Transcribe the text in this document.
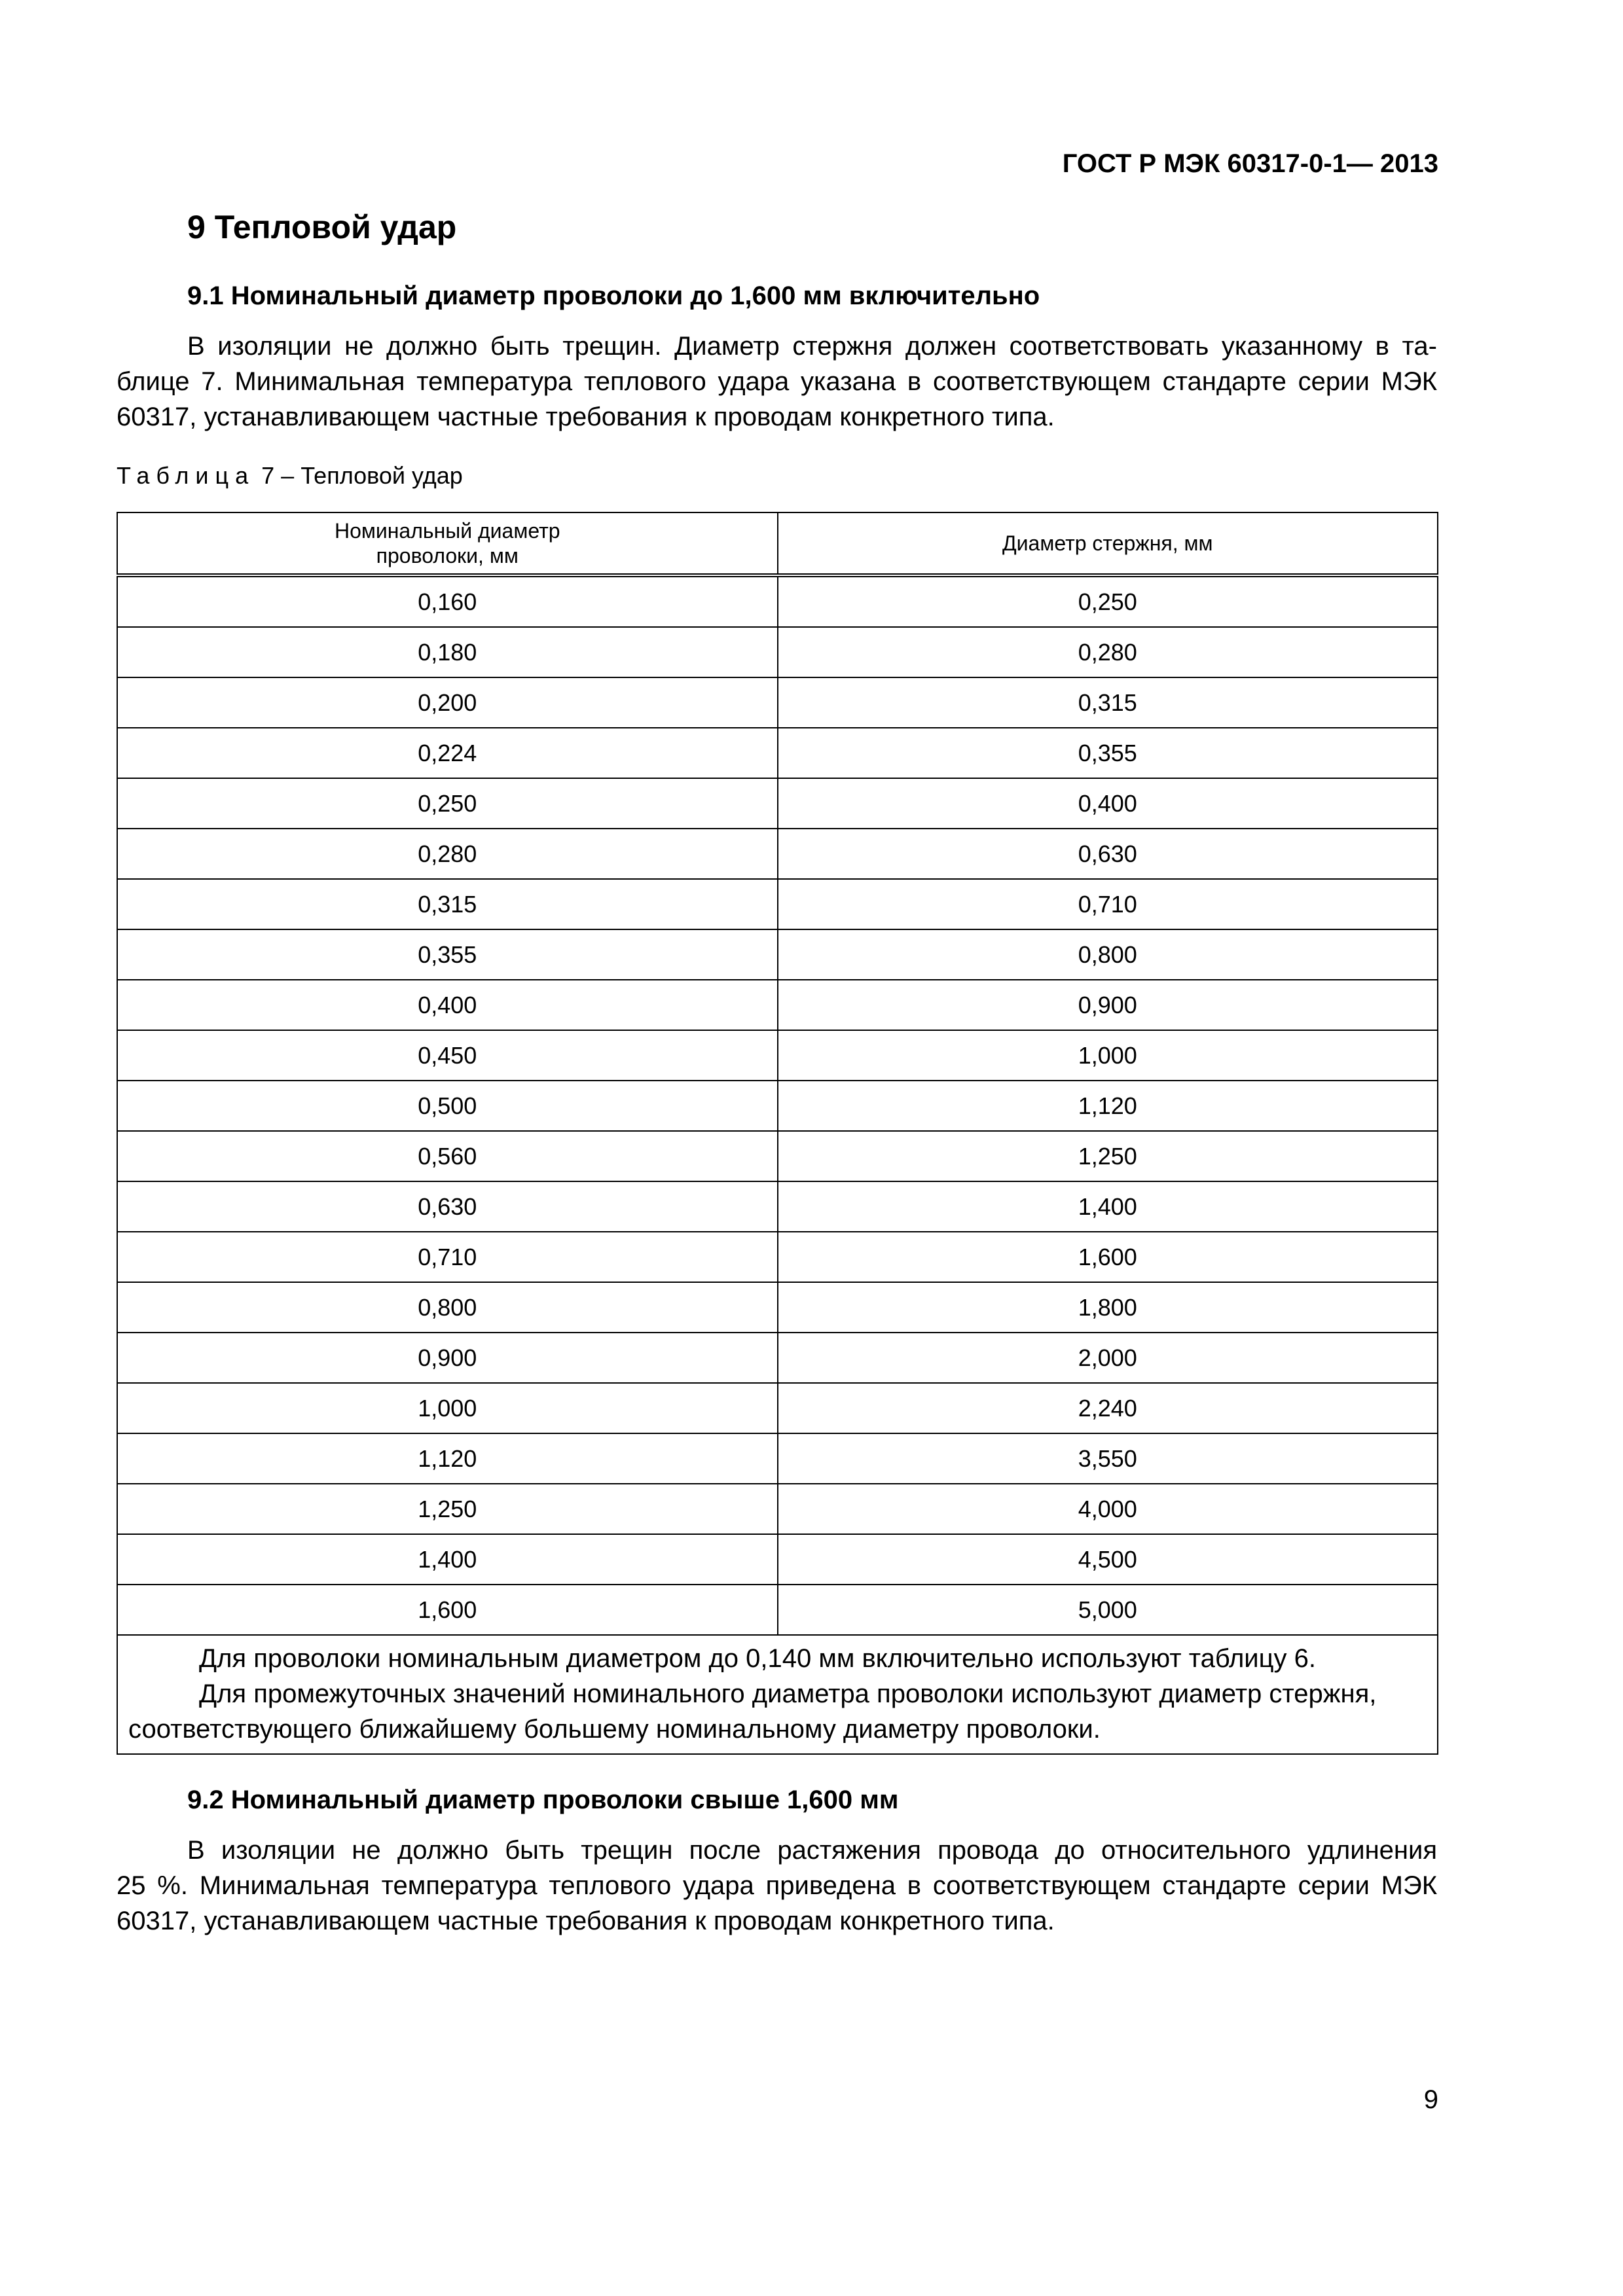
ГОСТ Р МЭК 60317-0-1— 2013
9 Тепловой удар
9.1 Номинальный диаметр проволоки до 1,600 мм включительно
В изоляции не должно быть трещин. Диаметр стержня должен соответствовать указанному в та-
блице 7. Минимальная температура теплового удара указана в соответствующем стандарте серии МЭК
60317, устанавливающем частные требования к проводам конкретного типа.
Таблица 7 – Тепловой удар
Номинальный диаметр
проволоки, мм	Диаметр стержня, мм
0,160	0,250
0,180	0,280
0,200	0,315
0,224	0,355
0,250	0,400
0,280	0,630
0,315	0,710
0,355	0,800
0,400	0,900
0,450	1,000
0,500	1,120
0,560	1,250
0,630	1,400
0,710	1,600
0,800	1,800
0,900	2,000
1,000	2,240
1,120	3,550
1,250	4,000
1,400	4,500
1,600	5,000

Для проволоки номинальным диаметром до 0,140 мм включительно используют таблицу 6.
Для промежуточных значений номинального диаметра проволоки используют диаметр стержня,
соответствующего ближайшему большему номинальному диаметру проволоки.	
9.2 Номинальный диаметр проволоки свыше 1,600 мм
В изоляции не должно быть трещин после растяжения провода до относительного удлинения
25 %. Минимальная температура теплового удара приведена в соответствующем стандарте серии МЭК
60317, устанавливающем частные требования к проводам конкретного типа.
9
